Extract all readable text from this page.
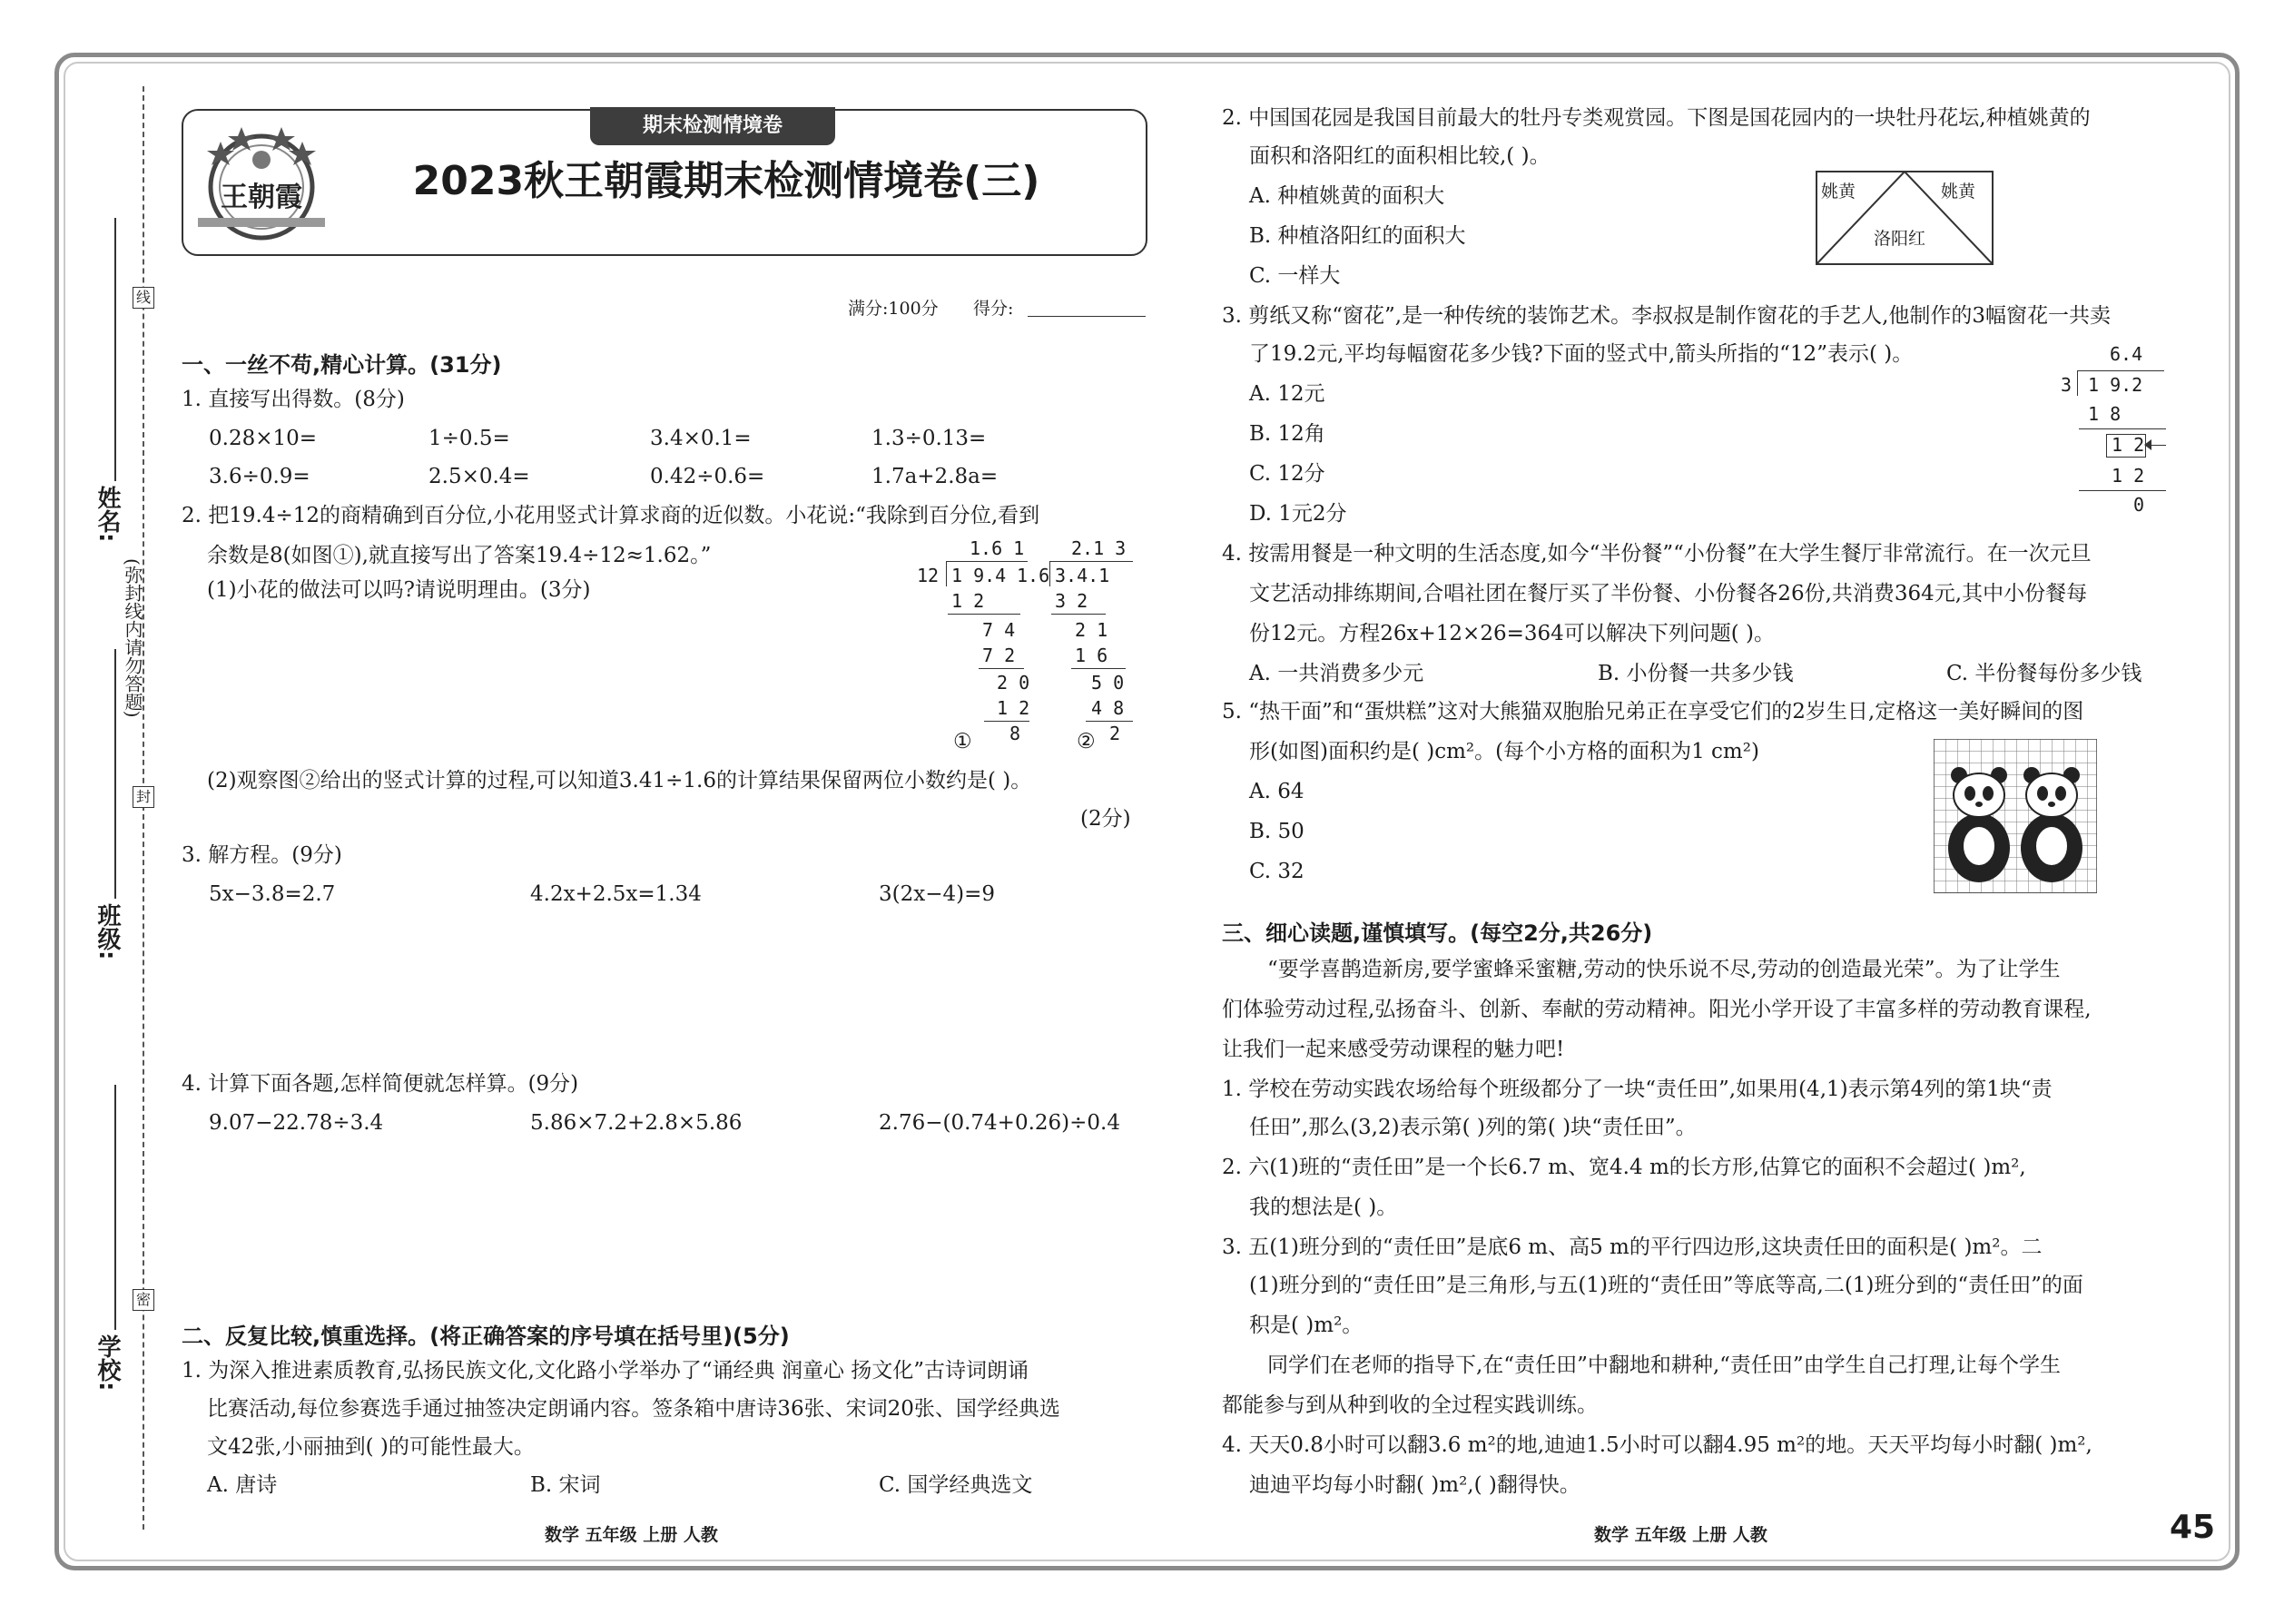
线
封
密
姓名:
班级:
学校:
(弥封线内请勿答题)
期末检测情境卷
王朝霞	2023秋王朝霞期末检测情境卷(三)
满分:100分 得分:
一、一丝不苟,精心计算。(31分)
1. 直接写出得数。(8分)
0.28×10=	1÷0.5=	3.4×0.1=	1.3÷0.13=
3.6÷0.9=	2.5×0.4=	0.42÷0.6=	1.7a+2.8a=
2. 把19.4÷12的商精确到百分位,小花用竖式计算求商的近似数。小花说:“我除到百分位,看到
余数是8(如图①),就直接写出了答案19.4÷12≈1.62。”
(1)小花的做法可以吗?请说明理由。(3分)
1.6 1
12 1 9.4
1 2
7 4
7 2
2 0
1 2
8
①
2.1 3
1.6 3.4.1
3 2
2 1
1 6
5 0
4 8
2
②
(2)观察图②给出的竖式计算的过程,可以知道3.41÷1.6的计算结果保留两位小数约是( )。
(2分)
3. 解方程。(9分)
5x−3.8=2.7	4.2x+2.5x=1.34	3(2x−4)=9
4. 计算下面各题,怎样简便就怎样算。(9分)
9.07−22.78÷3.4	5.86×7.2+2.8×5.86	2.76−(0.74+0.26)÷0.4
二、反复比较,慎重选择。(将正确答案的序号填在括号里)(5分)
1. 为深入推进素质教育,弘扬民族文化,文化路小学举办了“诵经典 润童心 扬文化”古诗词朗诵
比赛活动,每位参赛选手通过抽签决定朗诵内容。签条箱中唐诗36张、宋词20张、国学经典选
文42张,小丽抽到( )的可能性最大。
A. 唐诗	B. 宋词	C. 国学经典选文
数学 五年级 上册 人教
2. 中国国花园是我国目前最大的牡丹专类观赏园。下图是国花园内的一块牡丹花坛,种植姚黄的
面积和洛阳红的面积相比较,( )。
A. 种植姚黄的面积大
B. 种植洛阳红的面积大
C. 一样大
姚黄	姚黄
洛阳红
3. 剪纸又称“窗花”,是一种传统的装饰艺术。李叔叔是制作窗花的手艺人,他制作的3幅窗花一共卖
了19.2元,平均每幅窗花多少钱?下面的竖式中,箭头所指的“12”表示( )。
A. 12元
B. 12角
C. 12分
D. 1元2分
6.4
3 1 9.2
1 8
1 2
1 2
0
4. 按需用餐是一种文明的生活态度,如今“半份餐”“小份餐”在大学生餐厅非常流行。在一次元旦
文艺活动排练期间,合唱社团在餐厅买了半份餐、小份餐各26份,共消费364元,其中小份餐每
份12元。方程26x+12×26=364可以解决下列问题( )。
A. 一共消费多少元	B. 小份餐一共多少钱	C. 半份餐每份多少钱
5. “热干面”和“蛋烘糕”这对大熊猫双胞胎兄弟正在享受它们的2岁生日,定格这一美好瞬间的图
形(如图)面积约是( )cm²。(每个小方格的面积为1 cm²)
A. 64
B. 50
C. 32
三、细心读题,谨慎填写。(每空2分,共26分)
“要学喜鹊造新房,要学蜜蜂采蜜糖,劳动的快乐说不尽,劳动的创造最光荣”。为了让学生
们体验劳动过程,弘扬奋斗、创新、奉献的劳动精神。阳光小学开设了丰富多样的劳动教育课程,
让我们一起来感受劳动课程的魅力吧!
1. 学校在劳动实践农场给每个班级都分了一块“责任田”,如果用(4,1)表示第4列的第1块“责
任田”,那么(3,2)表示第( )列的第( )块“责任田”。
2. 六(1)班的“责任田”是一个长6.7 m、宽4.4 m的长方形,估算它的面积不会超过( )m²,
我的想法是( )。
3. 五(1)班分到的“责任田”是底6 m、高5 m的平行四边形,这块责任田的面积是( )m²。二
(1)班分到的“责任田”是三角形,与五(1)班的“责任田”等底等高,二(1)班分到的“责任田”的面
积是( )m²。
同学们在老师的指导下,在“责任田”中翻地和耕种,“责任田”由学生自己打理,让每个学生
都能参与到从种到收的全过程实践训练。
4. 天天0.8小时可以翻3.6 m²的地,迪迪1.5小时可以翻4.95 m²的地。天天平均每小时翻( )m²,
迪迪平均每小时翻( )m²,( )翻得快。
数学 五年级 上册 人教	45
